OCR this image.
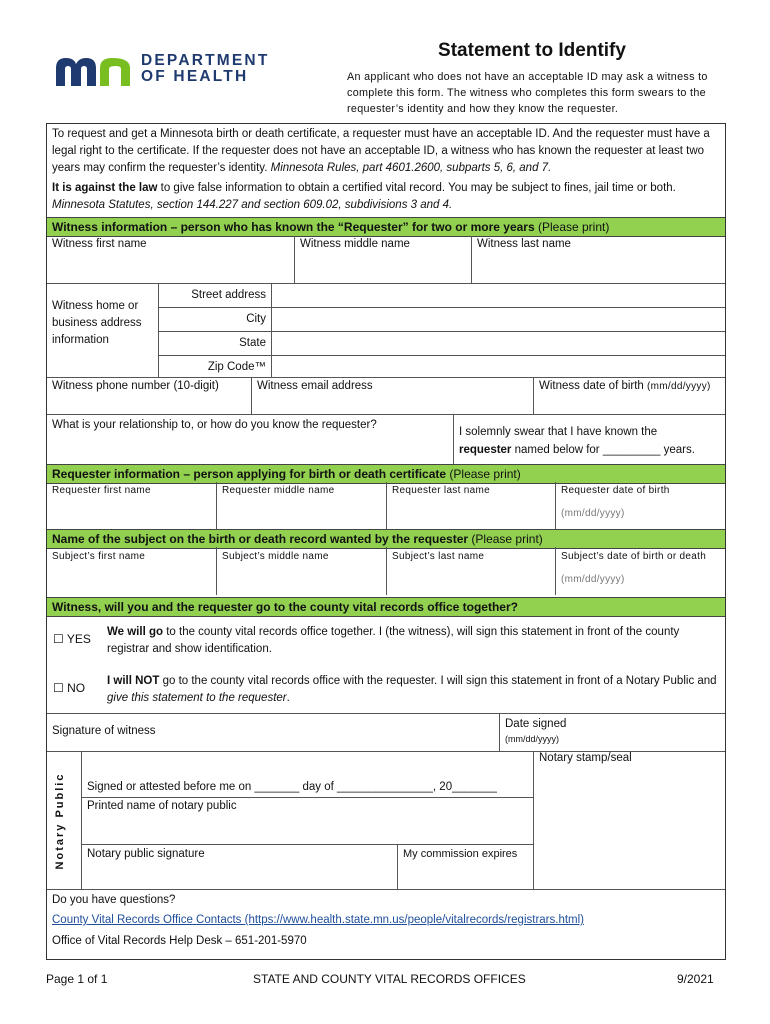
DEPARTMENT
OF HEALTH
Statement to Identify
An applicant who does not have an acceptable ID may ask a witness to complete this form. The witness who completes this form swears to the requester’s identity and how they know the requester.
To request and get a Minnesota birth or death certificate, a requester must have an acceptable ID. And the requester must have a legal right to the certificate. If the requester does not have an acceptable ID, a witness who has known the requester at least two years may confirm the requester’s identity. Minnesota Rules, part 4601.2600, subparts 5, 6, and 7.
It is against the law to give false information to obtain a certified vital record. You may be subject to fines, jail time or both.
Minnesota Statutes, section 144.227 and section 609.02, subdivisions 3 and 4.
Witness information – person who has known the “Requester” for two or more years (Please print)
Witness first name	Witness middle name	Witness last name
Witness home or business address information
Street address
City
State
Zip Code™
Witness phone number (10-digit)	Witness email address	Witness date of birth (mm/dd/yyyy)
What is your relationship to, or how do you know the requester?
I solemnly swear that I have known the
requester named below for _________ years.
Requester information – person applying for birth or death certificate (Please print)
Requester first name	Requester middle name	Requester last name	Requester date of birth
(mm/dd/yyyy)
Name of the subject on the birth or death record wanted by the requester (Please print)
Subject’s first name	Subject’s middle name	Subject’s last name	Subject’s date of birth or death
(mm/dd/yyyy)
Witness, will you and the requester go to the county vital records office together?
☐ YES We will go to the county vital records office together. I (the witness), will sign this statement in front of the county registrar and show identification.
☐ NO I will NOT go to the county vital records office with the requester. I will sign this statement in front of a Notary Public and give this statement to the requester.
Signature of witness
Date signed
(mm/dd/yyyy)
Notary stamp/seal
Signed or attested before me on _______ day of _______________, 20_______
Printed name of notary public
Notary public signature	My commission expires
Do you have questions?
County Vital Records Office Contacts (https://www.health.state.mn.us/people/vitalrecords/registrars.html)
Office of Vital Records Help Desk – 651-201-5970
Notary Public
Page 1 of 1	STATE AND COUNTY VITAL RECORDS OFFICES	9/2021
